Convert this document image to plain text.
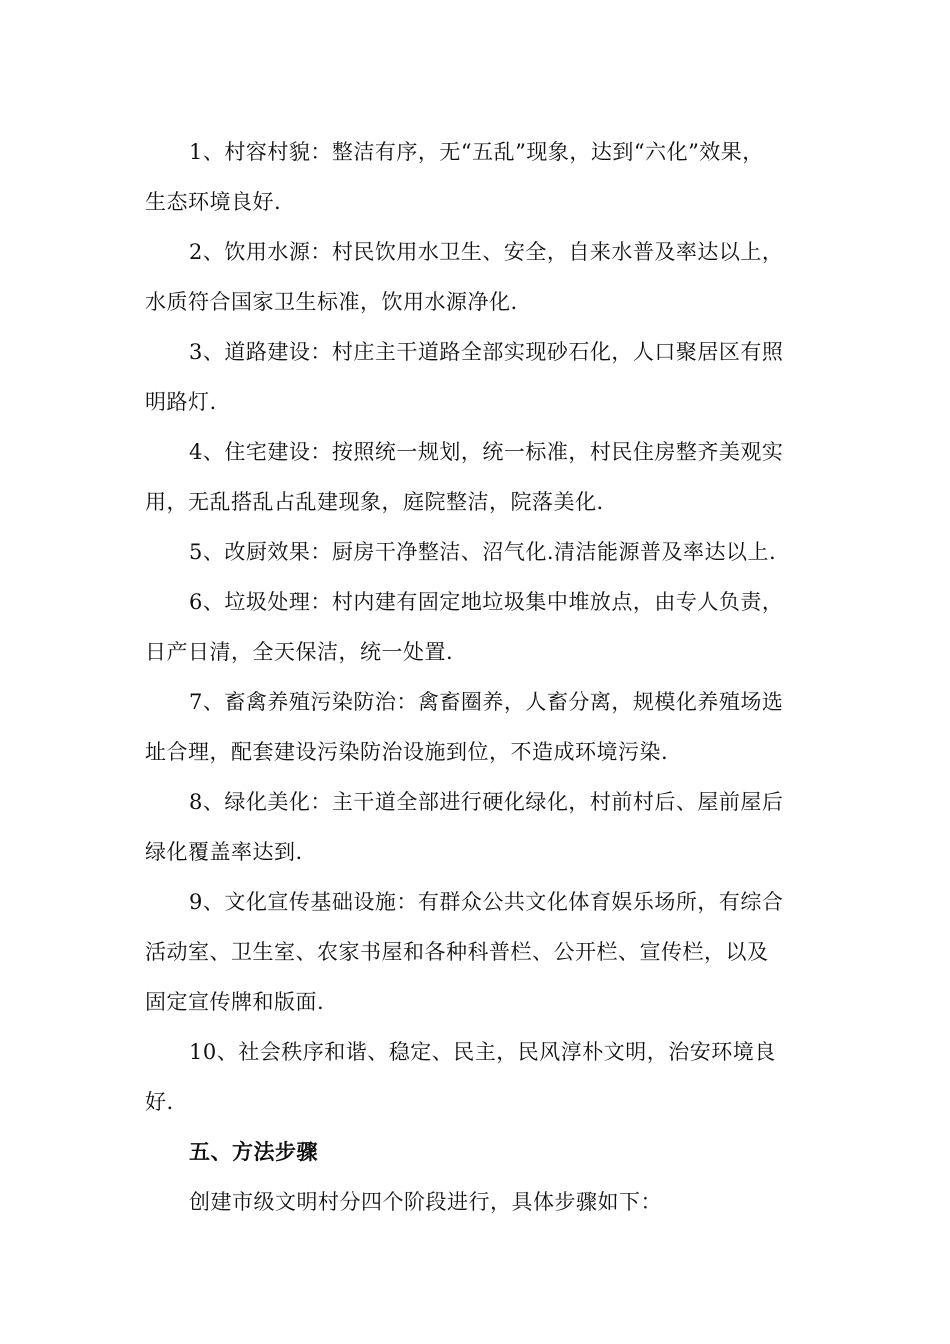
1、村容村貌：整洁有序，无“五乱”现象，达到“六化”效果，
生态环境良好.
2、饮用水源：村民饮用水卫生、安全，自来水普及率达以上，
水质符合国家卫生标准，饮用水源净化.
3、道路建设：村庄主干道路全部实现砂石化，人口聚居区有照
明路灯.
4、住宅建设：按照统一规划，统一标准，村民住房整齐美观实
用，无乱搭乱占乱建现象，庭院整洁，院落美化.
5、改厨效果：厨房干净整洁、沼气化.清洁能源普及率达以上.
6、垃圾处理：村内建有固定地垃圾集中堆放点，由专人负责，
日产日清，全天保洁，统一处置.
7、畜禽养殖污染防治：禽畜圈养，人畜分离，规模化养殖场选
址合理，配套建设污染防治设施到位，不造成环境污染.
8、绿化美化：主干道全部进行硬化绿化，村前村后、屋前屋后
绿化覆盖率达到.
9、文化宣传基础设施：有群众公共文化体育娱乐场所，有综合
活动室、卫生室、农家书屋和各种科普栏、公开栏、宣传栏，以及
固定宣传牌和版面.
10、社会秩序和谐、稳定、民主，民风淳朴文明，治安环境良
好.
五、方法步骤
创建市级文明村分四个阶段进行，具体步骤如下：
